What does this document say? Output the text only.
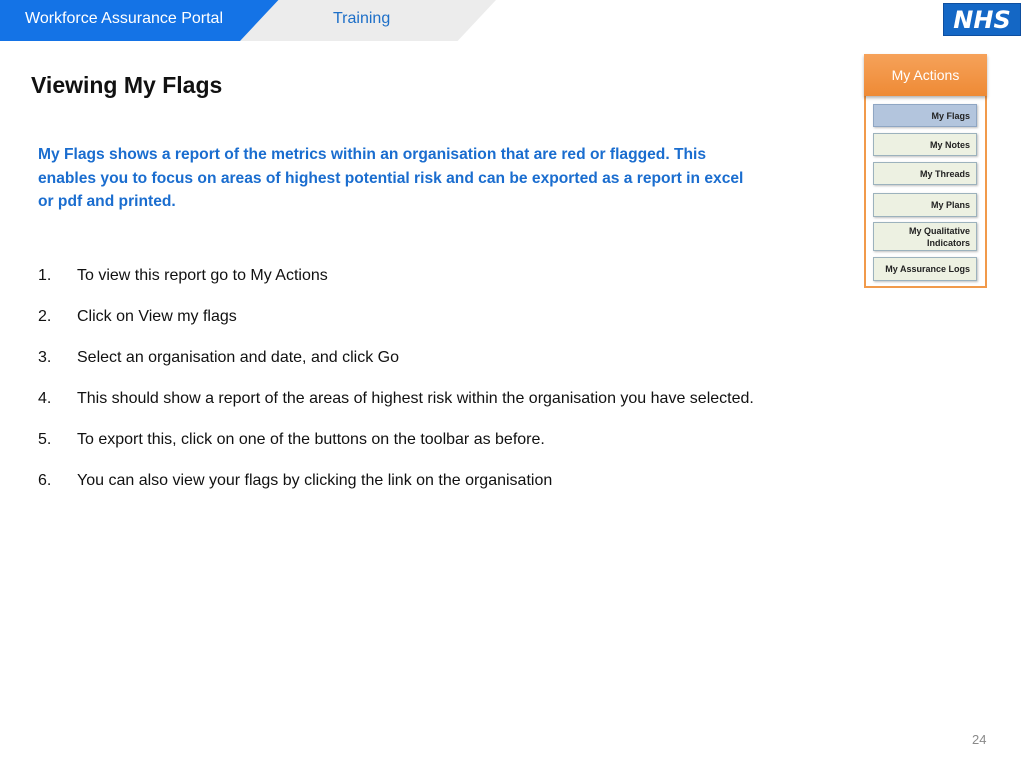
Workforce Assurance Portal	Training	NHS
Viewing My Flags
My Flags shows a report of the metrics within an organisation that are red or flagged. This enables you to focus on areas of highest potential risk and can be exported as a report in excel or pdf and printed.
1. To view this report go to My Actions
2. Click on View my flags
3. Select an organisation and date, and click Go
4. This should show a report of the areas of highest risk within the organisation you have selected.
5. To export this, click on one of the buttons on the toolbar as before.
6. You can also view your flags by clicking the link on the organisation
My Actions
My Flags
My Notes
My Threads
My Plans
My Qualitative Indicators
My Assurance Logs
24
